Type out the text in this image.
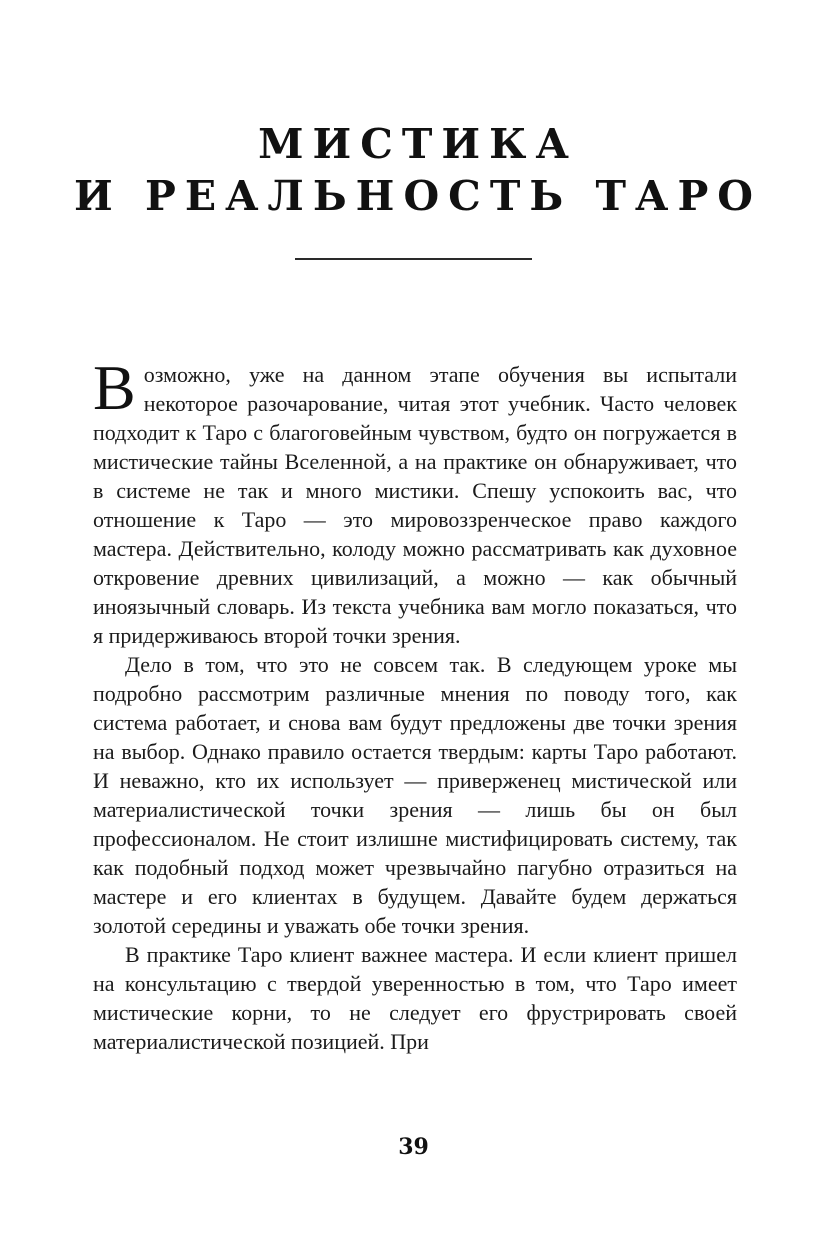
МИСТИКА
И РЕАЛЬНОСТЬ ТАРО

Возможно, уже на данном этапе обучения вы испытали некоторое разочарование, читая этот учебник. Часто человек подходит к Таро с благоговейным чувством, будто он погружается в мистические тайны Вселенной, а на практике он обнаруживает, что в системе не так и много мистики. Спешу успокоить вас, что отношение к Таро — это мировоззренческое право каждого мастера. Действительно, колоду можно рассматривать как духовное откровение древних цивилизаций, а можно — как обычный иноязычный словарь. Из текста учебника вам могло показаться, что я придерживаюсь второй точки зрения.

Дело в том, что это не совсем так. В следующем уроке мы подробно рассмотрим различные мнения по поводу того, как система работает, и снова вам будут предложены две точки зрения на выбор. Однако правило остается твердым: карты Таро работают. И неважно, кто их использует — приверженец мистической или материалистической точки зрения — лишь бы он был профессионалом. Не стоит излишне мистифицировать систему, так как подобный подход может чрезвычайно пагубно отразиться на мастере и его клиентах в будущем. Давайте будем держаться золотой середины и уважать обе точки зрения.

В практике Таро клиент важнее мастера. И если клиент пришел на консультацию с твердой уверенностью в том, что Таро имеет мистические корни, то не следует его фрустрировать своей материалистической позицией. При

39
